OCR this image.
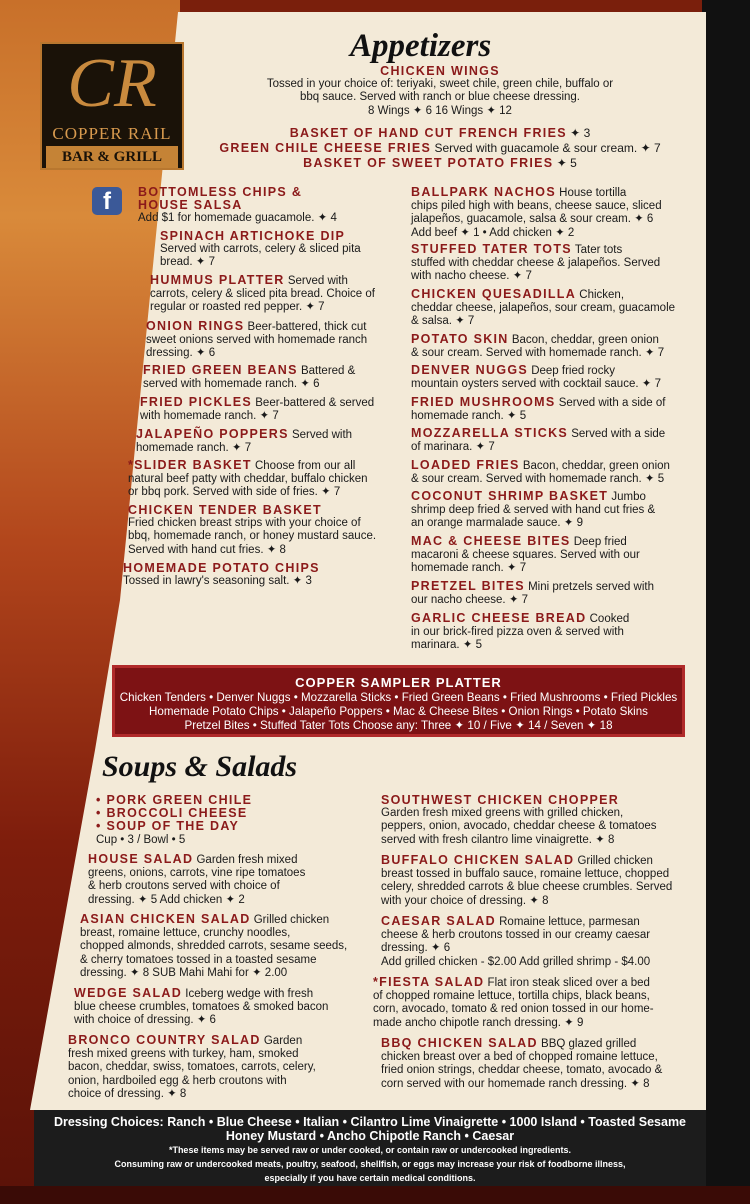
CR
COPPER RAIL
BAR & GRILL
f
Appetizers
CHICKEN WINGS
Tossed in your choice of: teriyaki, sweet chile, green chile, buffalo or
bbq sauce. Served with ranch or blue cheese dressing.
8 Wings ✦ 6 16 Wings ✦ 12
BASKET OF HAND CUT FRENCH FRIES ✦ 3
GREEN CHILE CHEESE FRIES Served with guacamole & sour cream. ✦ 7
BASKET OF SWEET POTATO FRIES ✦ 5
BOTTOMLESS CHIPS &
HOUSE SALSA
Add $1 for homemade guacamole. ✦ 4
SPINACH ARTICHOKE DIP
Served with carrots, celery & sliced pita
bread. ✦ 7
HUMMUS PLATTER Served with
carrots, celery & sliced pita bread. Choice of
regular or roasted red pepper. ✦ 7
ONION RINGS Beer-battered, thick cut
sweet onions served with homemade ranch
dressing. ✦ 6
FRIED GREEN BEANS Battered &
served with homemade ranch. ✦ 6
FRIED PICKLES Beer-battered & served
with homemade ranch. ✦ 7
JALAPEÑO POPPERS Served with
homemade ranch. ✦ 7
*SLIDER BASKET Choose from our all
natural beef patty with cheddar, buffalo chicken
or bbq pork. Served with side of fries. ✦ 7
CHICKEN TENDER BASKET
Fried chicken breast strips with your choice of
bbq, homemade ranch, or honey mustard sauce.
Served with hand cut fries. ✦ 8
HOMEMADE POTATO CHIPS
Tossed in lawry's seasoning salt. ✦ 3
BALLPARK NACHOS House tortilla
chips piled high with beans, cheese sauce, sliced
jalapeños, guacamole, salsa & sour cream. ✦ 6
Add beef ✦ 1 • Add chicken ✦ 2
STUFFED TATER TOTS Tater tots
stuffed with cheddar cheese & jalapeños. Served
with nacho cheese. ✦ 7
CHICKEN QUESADILLA Chicken,
cheddar cheese, jalapeños, sour cream, guacamole
& salsa. ✦ 7
POTATO SKIN Bacon, cheddar, green onion
& sour cream. Served with homemade ranch. ✦ 7
DENVER NUGGS Deep fried rocky
mountain oysters served with cocktail sauce. ✦ 7
FRIED MUSHROOMS Served with a side of
homemade ranch. ✦ 5
MOZZARELLA STICKS Served with a side
of marinara. ✦ 7
LOADED FRIES Bacon, cheddar, green onion
& sour cream. Served with homemade ranch. ✦ 5
COCONUT SHRIMP BASKET Jumbo
shrimp deep fried & served with hand cut fries &
an orange marmalade sauce. ✦ 9
MAC & CHEESE BITES Deep fried
macaroni & cheese squares. Served with our
homemade ranch. ✦ 7
PRETZEL BITES Mini pretzels served with
our nacho cheese. ✦ 7
GARLIC CHEESE BREAD Cooked
in our brick-fired pizza oven & served with
marinara. ✦ 5
COPPER SAMPLER PLATTER
Chicken Tenders • Denver Nuggs • Mozzarella Sticks • Fried Green Beans • Fried Mushrooms • Fried Pickles
Homemade Potato Chips • Jalapeño Poppers • Mac & Cheese Bites • Onion Rings • Potato Skins
Pretzel Bites • Stuffed Tater Tots Choose any: Three ✦ 10 / Five ✦ 14 / Seven ✦ 18
Soups & Salads
• PORK GREEN CHILE
• BROCCOLI CHEESE
• SOUP OF THE DAY
Cup • 3 / Bowl • 5
HOUSE SALAD Garden fresh mixed
greens, onions, carrots, vine ripe tomatoes
& herb croutons served with choice of
dressing. ✦ 5 Add chicken ✦ 2
ASIAN CHICKEN SALAD Grilled chicken
breast, romaine lettuce, crunchy noodles,
chopped almonds, shredded carrots, sesame seeds,
& cherry tomatoes tossed in a toasted sesame
dressing. ✦ 8 SUB Mahi Mahi for ✦ 2.00
WEDGE SALAD Iceberg wedge with fresh
blue cheese crumbles, tomatoes & smoked bacon
with choice of dressing. ✦ 6
BRONCO COUNTRY SALAD Garden
fresh mixed greens with turkey, ham, smoked
bacon, cheddar, swiss, tomatoes, carrots, celery,
onion, hardboiled egg & herb croutons with
choice of dressing. ✦ 8
SOUTHWEST CHICKEN CHOPPER
Garden fresh mixed greens with grilled chicken,
peppers, onion, avocado, cheddar cheese & tomatoes
served with fresh cilantro lime vinaigrette. ✦ 8
BUFFALO CHICKEN SALAD Grilled chicken
breast tossed in buffalo sauce, romaine lettuce, chopped
celery, shredded carrots & blue cheese crumbles. Served
with your choice of dressing. ✦ 8
CAESAR SALAD Romaine lettuce, parmesan
cheese & herb croutons tossed in our creamy caesar
dressing. ✦ 6
Add grilled chicken - $2.00 Add grilled shrimp - $4.00
*FIESTA SALAD Flat iron steak sliced over a bed
of chopped romaine lettuce, tortilla chips, black beans,
corn, avocado, tomato & red onion tossed in our home-
made ancho chipotle ranch dressing. ✦ 9
BBQ CHICKEN SALAD BBQ glazed grilled
chicken breast over a bed of chopped romaine lettuce,
fried onion strings, cheddar cheese, tomato, avocado &
corn served with our homemade ranch dressing. ✦ 8
Dressing Choices: Ranch • Blue Cheese • Italian • Cilantro Lime Vinaigrette • 1000 Island • Toasted Sesame
Honey Mustard • Ancho Chipotle Ranch • Caesar
*These items may be served raw or under cooked, or contain raw or undercooked ingredients.
Consuming raw or undercooked meats, poultry, seafood, shellfish, or eggs may increase your risk of foodborne illness,
especially if you have certain medical conditions.
